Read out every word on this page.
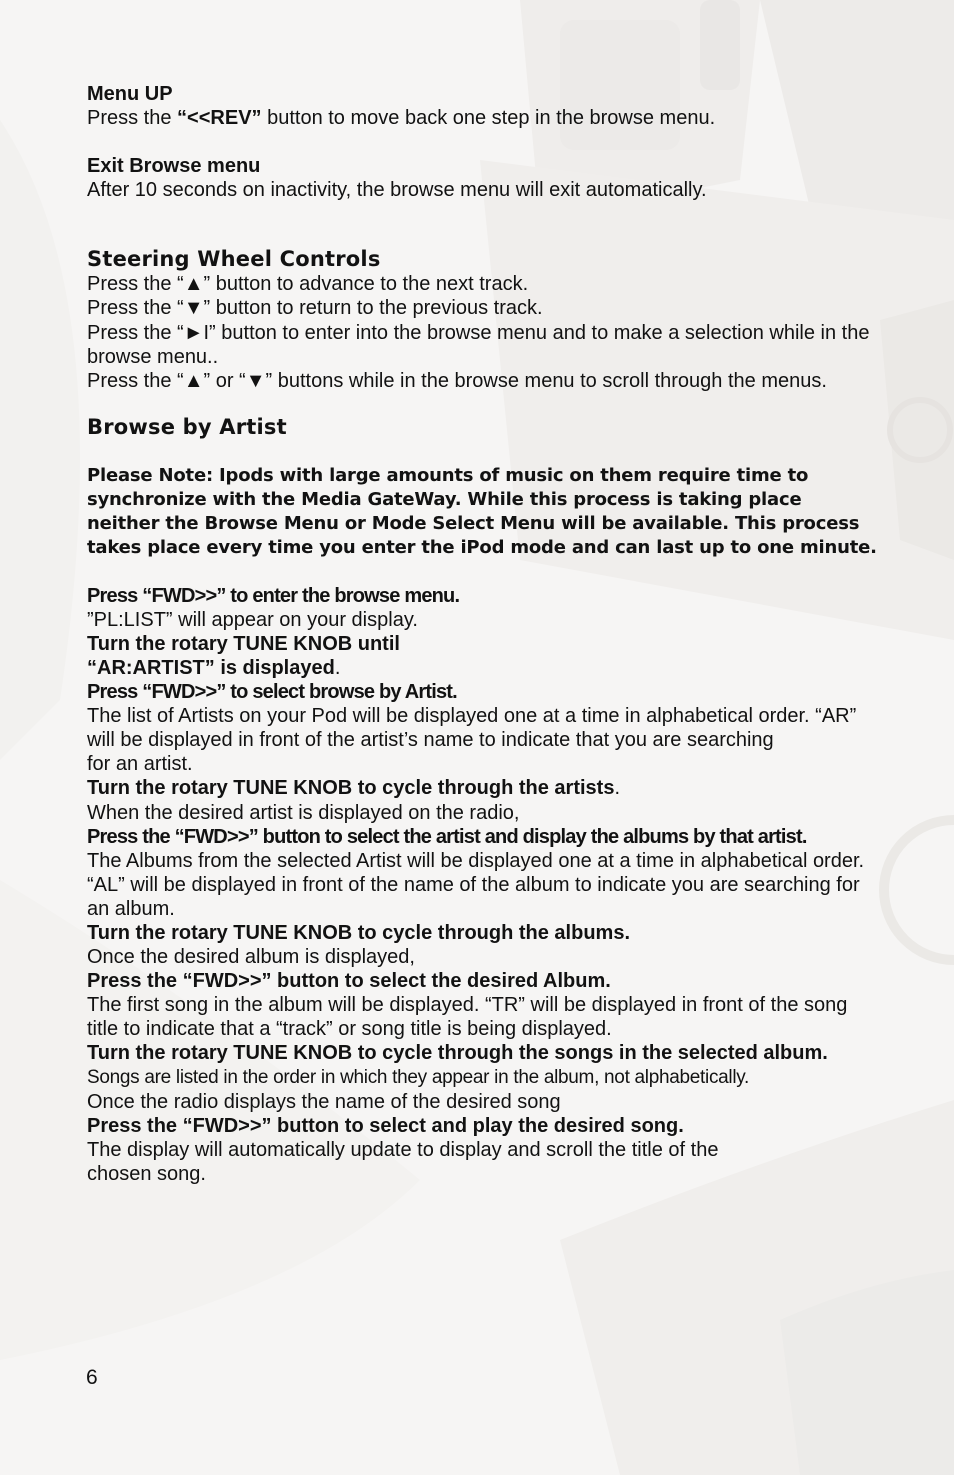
Menu UP

Press the “<<REV” button to move back one step in the browse menu.

Exit Browse menu

After 10 seconds on inactivity, the browse menu will exit automatically.

Steering Wheel Controls

Press the “▲” button to advance to the next track.

Press the “▼” button to return to the previous track.

Press the “►I” button to enter into the browse menu and to make a selection while in the browse menu..

Press the “▲” or “▼” buttons while in the browse menu to scroll through the menus.

Browse by Artist

Please Note: Ipods with large amounts of music on them require time to synchronize with the Media GateWay. While this process is taking place neither the Browse Menu or Mode Select Menu will be available. This process takes place every time you enter the iPod mode and can last up to one minute.

Press “FWD>>” to enter the browse menu.

”PL:LIST” will appear on your display.

Turn the rotary TUNE KNOB until

“AR:ARTIST” is displayed.

Press “FWD>>” to select browse by Artist.

The list of Artists on your Pod will be displayed one at a time in alphabetical order. “AR” will be displayed in front of the artist’s name to indicate that you are searching

for an artist.

Turn the rotary TUNE KNOB to cycle through the artists.

When the desired artist is displayed on the radio,

Press the “FWD>>” button to select the artist and display the albums by that artist.

The Albums from the selected Artist will be displayed one at a time in alphabetical order. “AL” will be displayed in front of the name of the album to indicate you are searching for an album.

Turn the rotary TUNE KNOB to cycle through the albums.

Once the desired album is displayed,

Press the “FWD>>” button to select the desired Album.

The first song in the album will be displayed. “TR” will be displayed in front of the song title to indicate that a “track” or song title is being displayed.

Turn the rotary TUNE KNOB to cycle through the songs in the selected album.

Songs are listed in the order in which they appear in the album, not alphabetically.

Once the radio displays the name of the desired song

Press the “FWD>>” button to select and play the desired song.

The display will automatically update to display and scroll the title of the chosen song.

6
